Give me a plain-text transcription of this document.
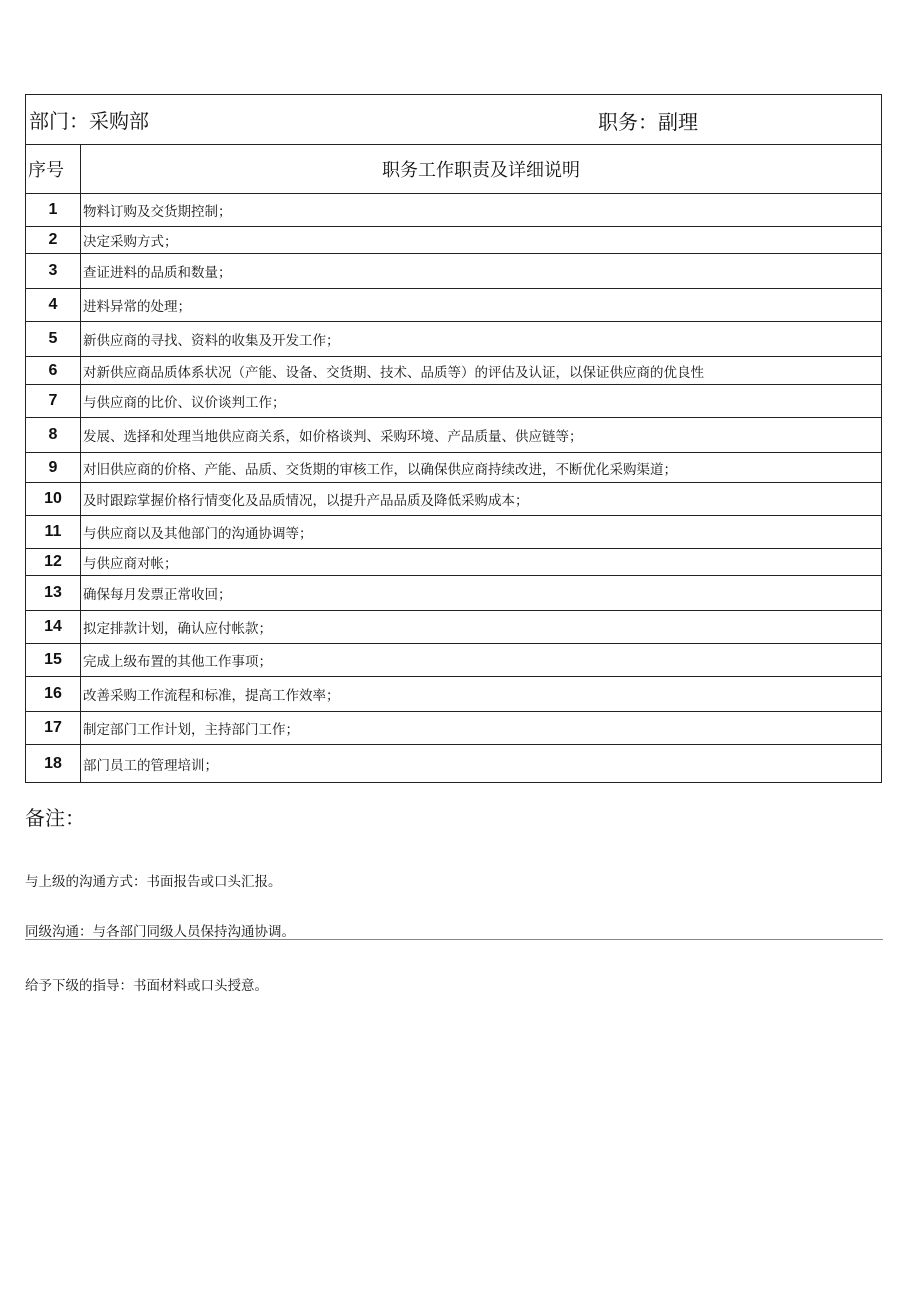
部门：采购部 职务：副理	

序号	职务工作职责及详细说明
1	物料订购及交货期控制；
2	决定采购方式；
3	查证进料的品质和数量；
4	进料异常的处理；
5	新供应商的寻找、资料的收集及开发工作；
6	对新供应商品质体系状况（产能、设备、交货期、技术、品质等）的评估及认证，以保证供应商的优良性
7	与供应商的比价、议价谈判工作；
8	发展、选择和处理当地供应商关系，如价格谈判、采购环境、产品质量、供应链等；
9	对旧供应商的价格、产能、品质、交货期的审核工作，以确保供应商持续改进，不断优化采购渠道；
10	及时跟踪掌握价格行情变化及品质情况，以提升产品品质及降低采购成本；
11	与供应商以及其他部门的沟通协调等；
12	与供应商对帐；
13	确保每月发票正常收回；
14	拟定排款计划，确认应付帐款；
15	完成上级布置的其他工作事项；
16	改善采购工作流程和标准，提高工作效率；
17	制定部门工作计划，主持部门工作；
18	部门员工的管理培训；
备注：
与上级的沟通方式：书面报告或口头汇报。
同级沟通：与各部门同级人员保持沟通协调。
给予下级的指导：书面材料或口头授意。
